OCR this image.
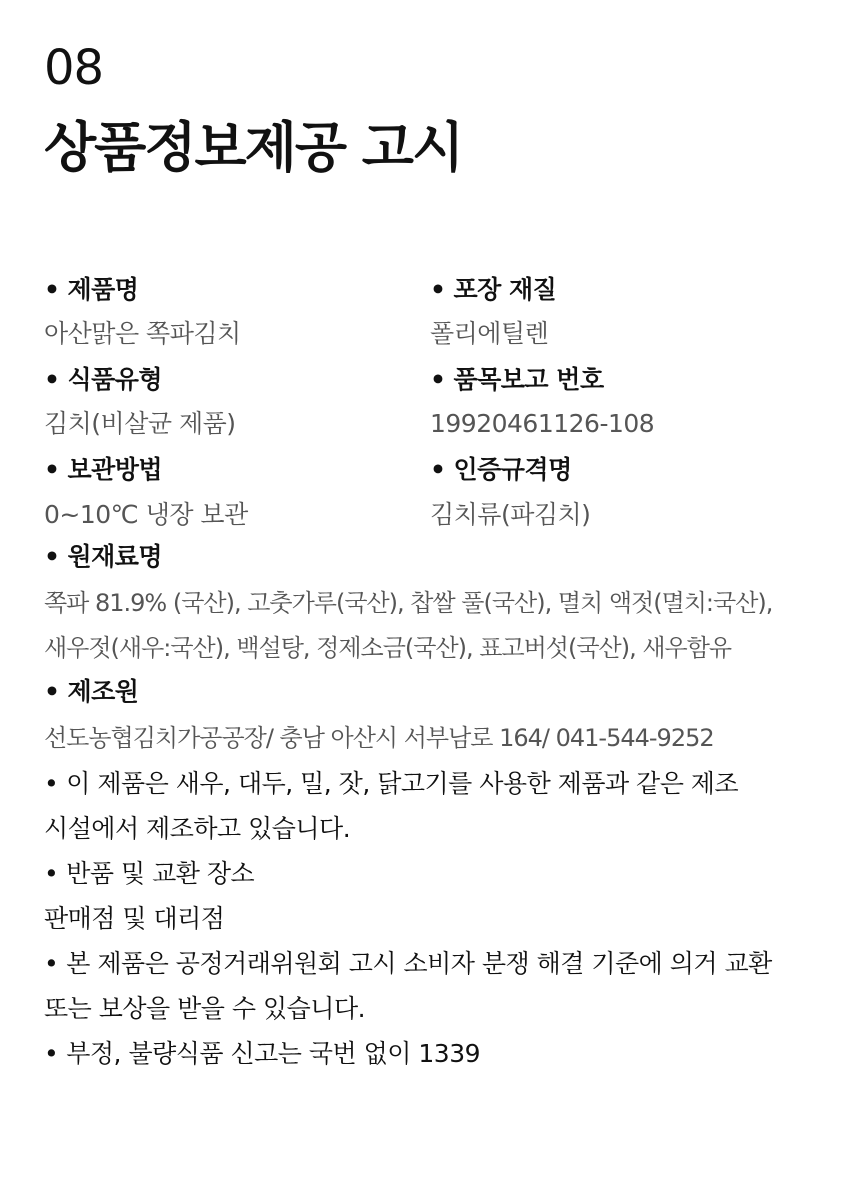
08
상품정보제공 고시
• 제품명
아산맑은 쪽파김치
• 식품유형
김치(비살균 제품)
• 보관방법
0~10℃ 냉장 보관
• 포장 재질
폴리에틸렌
• 품목보고 번호
19920461126-108
• 인증규격명
김치류(파김치)
• 원재료명
쪽파 81.9% (국산), 고춧가루(국산), 찹쌀 풀(국산), 멸치 액젓(멸치:국산),
새우젓(새우:국산), 백설탕, 정제소금(국산), 표고버섯(국산), 새우함유
• 제조원
선도농협김치가공공장/ 충남 아산시 서부남로 164/ 041-544-9252
• 이 제품은 새우, 대두, 밀, 잣, 닭고기를 사용한 제품과 같은 제조
시설에서 제조하고 있습니다.
• 반품 및 교환 장소
판매점 및 대리점
• 본 제품은 공정거래위원회 고시 소비자 분쟁 해결 기준에 의거 교환
또는 보상을 받을 수 있습니다.
• 부정, 불량식품 신고는 국번 없이 1339
